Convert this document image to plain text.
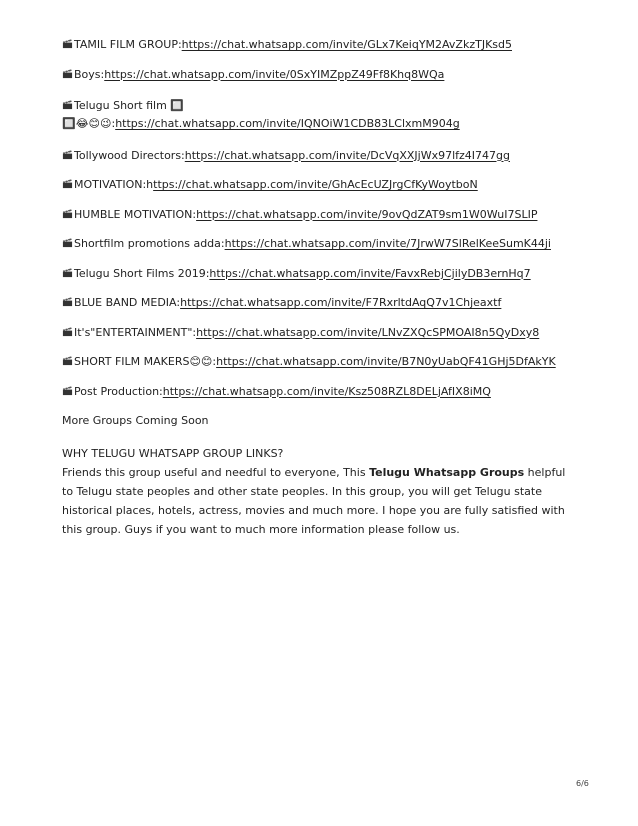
TAMIL FILM GROUP:https://chat.whatsapp.com/invite/GLx7KeiqYM2AvZkzTJKsd5
Boys:https://chat.whatsapp.com/invite/0SxYIMZppZ49Ff8Khq8WQa
Telugu Short film 🔲
🔲😂😊😉:https://chat.whatsapp.com/invite/IQNOiW1CDB83LClxmM904g
Tollywood Directors:https://chat.whatsapp.com/invite/DcVqXXJjWx97lfz4I747gg
MOTIVATION:https://chat.whatsapp.com/invite/GhAcEcUZJrgCfKyWoytboN
HUMBLE MOTIVATION:https://chat.whatsapp.com/invite/9ovQdZAT9sm1W0WuI7SLIP
Shortfilm promotions adda:https://chat.whatsapp.com/invite/7JrwW7SlRelKeeSumK44ji
Telugu Short Films 2019:https://chat.whatsapp.com/invite/FavxRebjCjilyDB3ernHq7
BLUE BAND MEDIA:https://chat.whatsapp.com/invite/F7RxrltdAqQ7v1Chjeaxtf
It's"ENTERTAINMENT":https://chat.whatsapp.com/invite/LNvZXQcSPMOAI8n5QyDxy8
SHORT FILM MAKERS😊😊:https://chat.whatsapp.com/invite/B7N0yUabQF41GHj5DfAkYK
Post Production:https://chat.whatsapp.com/invite/Ksz508RZL8DELjAfIX8iMQ
More Groups Coming Soon
WHY TELUGU WHATSAPP GROUP LINKS?
Friends this group useful and needful to everyone, This Telugu Whatsapp Groups helpful
to Telugu state peoples and other state peoples. In this group, you will get Telugu state
historical places, hotels, actress, movies and much more. I hope you are fully satisfied with
this group. Guys if you want to much more information please follow us.
6/6
